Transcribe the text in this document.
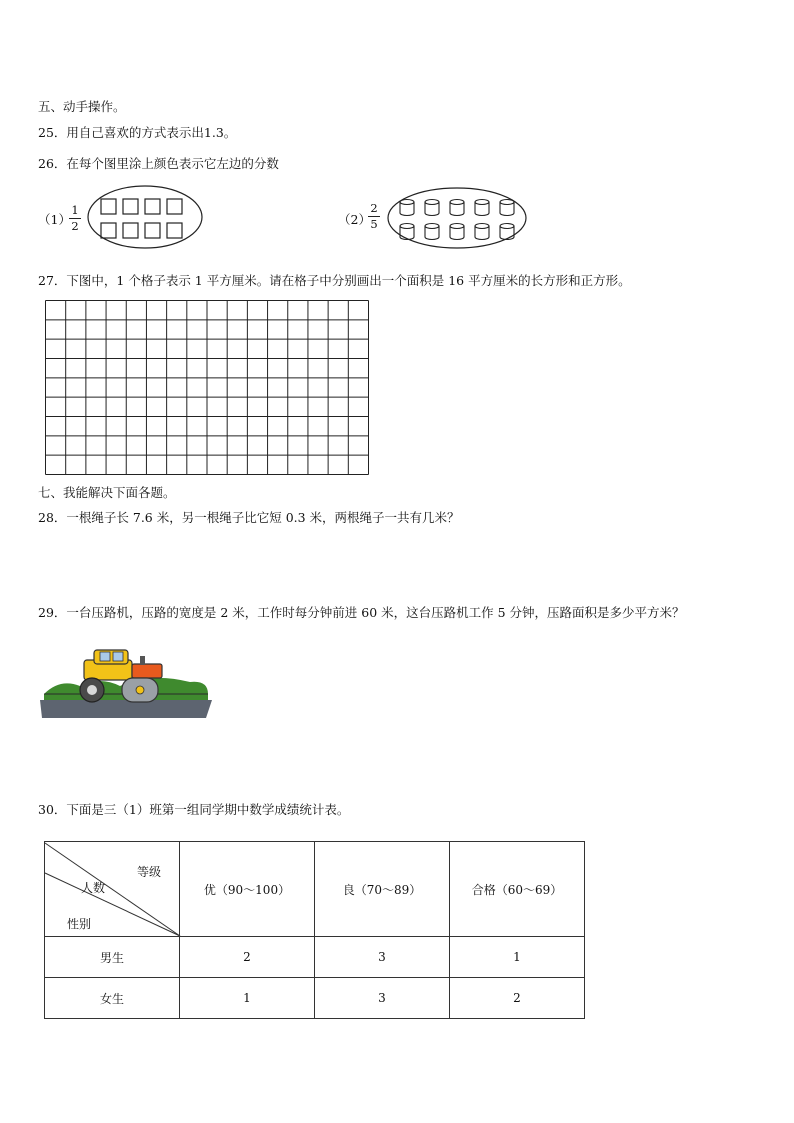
五、动手操作。
25．用自己喜欢的方式表示出1.3。
26．在每个图里涂上颜色表示它左边的分数
（1）
1
2	（2）
2
5
27．下图中，1 个格子表示 1 平方厘米。请在格子中分别画出一个面积是 16 平方厘米的长方形和正方形。
七、我能解决下面各题。
28．一根绳子长 7.6 米，另一根绳子比它短 0.3 米，两根绳子一共有几米？
29．一台压路机，压路的宽度是 2 米，工作时每分钟前进 60 米，这台压路机工作 5 分钟，压路面积是多少平方米？
30．下面是三（1）班第一组同学期中数学成绩统计表。
等级
人数
性别	优（90～100）	良（70～89）	合格（60～69）
男生	2	3	1
女生	1	3	2
